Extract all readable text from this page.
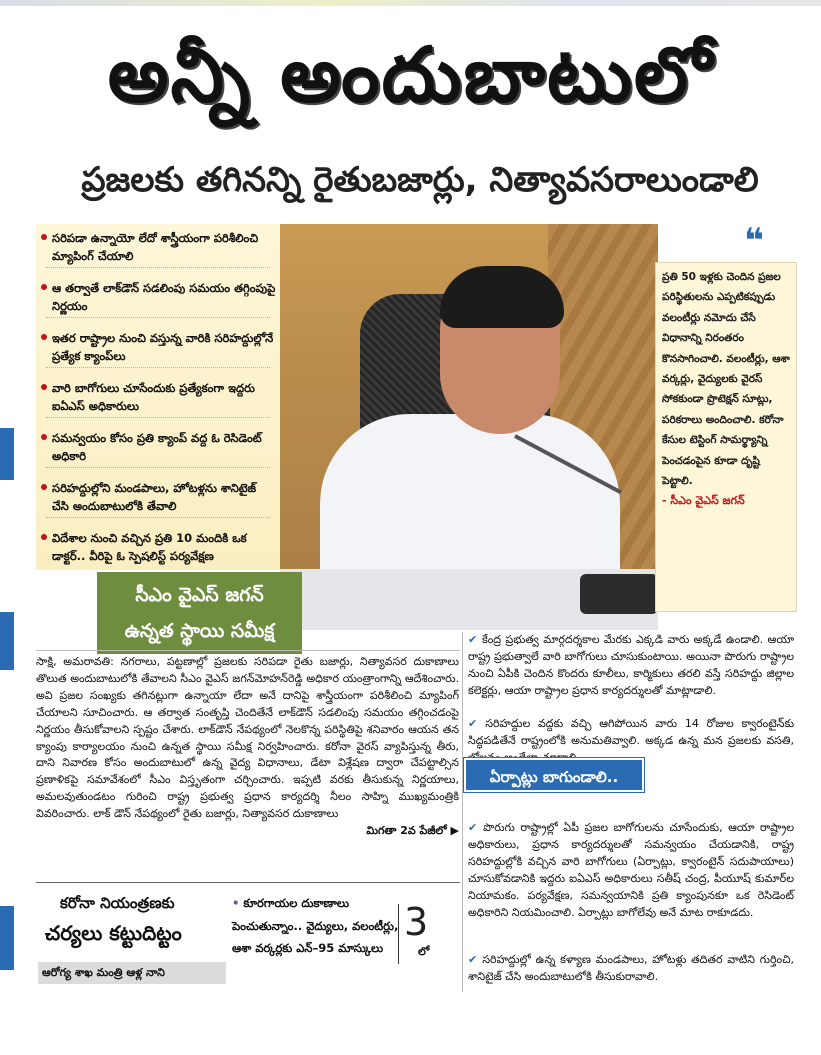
అన్నీ అందుబాటులో
ప్రజలకు తగినన్ని రైతుబజార్లు, నిత్యావసరాలుండాలి
సరిపడా ఉన్నాయో లేదో శాస్త్రీయంగా పరిశీలించి మ్యాపింగ్ చేయాలి
ఆ తర్వాతే లాక్‌డౌన్ సడలింపు సమయం తగ్గింపుపై నిర్ణయం
ఇతర రాష్ట్రాల నుంచి వస్తున్న వారికి సరిహద్దుల్లోనే ప్రత్యేక క్యాంప్‌లు
వారి బాగోగులు చూసేందుకు ప్రత్యేకంగా ఇద్దరు ఐఏఎస్ అధికారులు
సమన్వయం కోసం ప్రతి క్యాంప్ వద్ద ఓ రెసిడెంట్ అధికారి
సరిహద్దుల్లోని మండపాలు, హోటళ్లను శానిటైజ్ చేసి అందుబాటులోకి తేవాలి
విదేశాల నుంచి వచ్చిన ప్రతి 10 మందికి ఒక డాక్టర్.. వీరిపై ఓ స్పెషలిస్ట్ పర్యవేక్షణ
సీఎం వైఎస్ జగన్
ఉన్నత స్థాయి సమీక్ష
❝
ప్రతి 50 ఇళ్లకు చెందిన ప్రజల పరిస్థితులను ఎప్పటికప్పుడు వలంటీర్లు నమోదు చేసే విధానాన్ని నిరంతరం కొనసాగించాలి. వలంటీర్లు, ఆశా వర్కర్లు, వైద్యులకు వైరస్ సోకకుండా ప్రొటెక్షన్ సూట్లు, పరికరాలు అందించాలి. కరోనా కేసుల టెస్టింగ్ సామర్థ్యాన్ని పెంచడంపైన కూడా దృష్టి పెట్టాలి.
- సీఎం వైఎస్ జగన్
సాక్షి, అమరావతి: నగరాలు, పట్టణాల్లో ప్రజలకు సరిపడా రైతు బజార్లు, నిత్యావసర దుకాణాలు తొలుత అందుబాటులోకి తేవాలని సీఎం వైఎస్ జగన్‌మోహన్‌రెడ్డి అధికార యంత్రాంగాన్ని ఆదేశించారు. అవి ప్రజల సంఖ్యకు తగినట్లుగా ఉన్నాయా లేదా అనే దానిపై శాస్త్రీయంగా పరిశీలించి మ్యాపింగ్ చేయాలని సూచించారు. ఆ తర్వాత సంతృప్తి చెందితేనే లాక్‌డౌన్ సడలింపు సమయం తగ్గించడంపై నిర్ణయం తీసుకోవాలని స్పష్టం చేశారు. లాక్‌డౌన్ నేపథ్యంలో నెలకొన్న పరిస్థితిపై శనివారం ఆయన తన క్యాంపు కార్యాలయం నుంచి ఉన్నత స్థాయి సమీక్ష నిర్వహించారు. కరోనా వైరస్ వ్యాపిస్తున్న తీరు, దాని నివారణ కోసం అందుబాటులో ఉన్న వైద్య విధానాలు, డేటా విశ్లేషణ ద్వారా చేపట్టాల్సిన ప్రణాళికపై సమావేశంలో సీఎం విస్తృతంగా చర్చించారు. ఇప్పటి వరకు తీసుకున్న నిర్ణయాలు, అమలవుతుండటం గురించి రాష్ట్ర ప్రభుత్వ ప్రధాన కార్యదర్శి నీలం సాహ్ని ముఖ్యమంత్రికి వివరించారు. లాక్ డౌన్ నేపథ్యంలో రైతు బజార్లు, నిత్యావసర దుకాణాలు
మిగతా 2వ పేజీలో ▶
✔ కేంద్ర ప్రభుత్వ మార్గదర్శకాల మేరకు ఎక్కడి వారు అక్కడే ఉండాలి. ఆయా రాష్ట్ర ప్రభుత్వాలే వారి బాగోగులు చూసుకుంటాయి. అయినా పొరుగు రాష్ట్రాల నుంచి ఏపీకి చెందిన కొందరు కూలీలు, కార్మికులు తరలి వస్తే సరిహద్దు జిల్లాల కలెక్టర్లు, ఆయా రాష్ట్రాల ప్రధాన కార్యదర్శులతో మాట్లాడాలి.
✔ సరిహద్దుల వద్దకు వచ్చి ఆగిపోయిన వారు 14 రోజుల క్వారంటైన్‌కు సిద్ధపడితేనే రాష్ట్రంలోకి అనుమతివ్వాలి. అక్కడ ఉన్న మన ప్రజలకు వసతి,
ఏర్పాట్లు బాగుండాలి..
✔ పొరుగు రాష్ట్రాల్లో ఏపీ ప్రజల బాగోగులను చూసేందుకు, ఆయా రాష్ట్రాల అధికారులు, ప్రధాన కార్యదర్శులతో సమన్వయం చేయడానికి, రాష్ట్ర సరిహద్దుల్లోకి వచ్చిన వారి బాగోగులు (ఏర్పాట్లు, క్వారంటైన్ సదుపాయాలు) చూసుకోవడానికి ఇద్దరు ఐఏఎస్ అధికారులు సతీష్ చంద్ర, పీయూష్ కుమార్‌ల నియామకం. పర్యవేక్షణ, సమన్వయానికి ప్రతి క్యాంపునకూ ఒక రెసిడెంట్ అధికారిని నియమించాలి. ఏర్పాట్లు బాగోలేవు అనే మాట రాకూడదు.
✔ సరిహద్దుల్లో ఉన్న కళ్యాణ మండపాలు, హోటళ్లు తదితర వాటిని గుర్తించి, శానిటైజ్ చేసి అందుబాటులోకి తీసుకురావాలి.
కరోనా నియంత్రణకు
చర్యలు కట్టుదిట్టం
ఆరోగ్య శాఖ మంత్రి ఆళ్ల నాని
• కూరగాయల దుకాణాలు పెంచుతున్నాం.. వైద్యులు, వలంటీర్లు, ఆశా వర్కర్లకు ఎన్‌–95 మాస్కులు
3
లో
